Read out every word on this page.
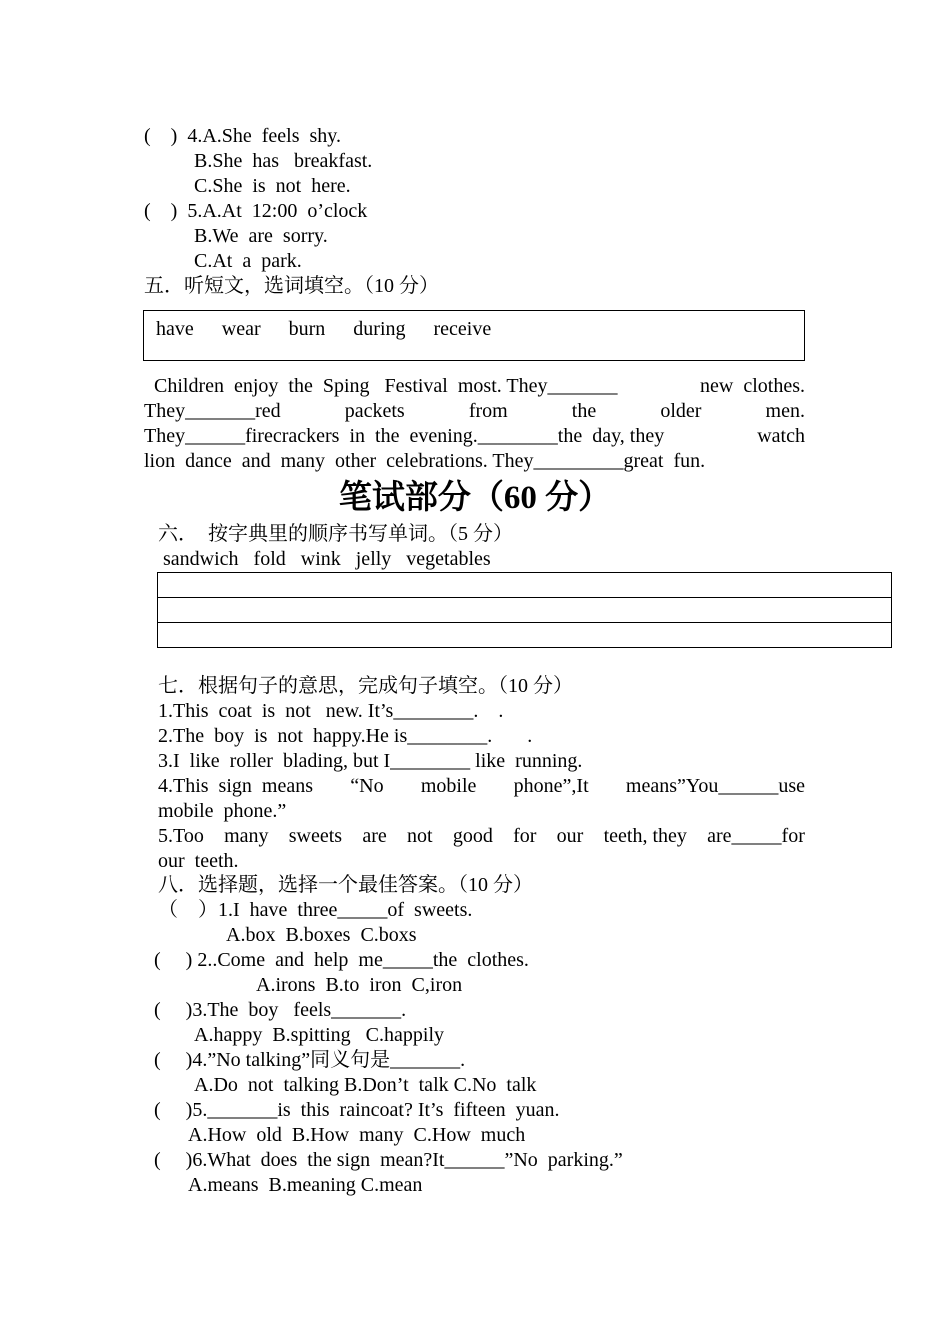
(    )  4.A.She  feels  shy.
B.She  has   breakfast.
C.She  is  not  here.
(    )  5.A.At  12:00  o’clock
B.We  are  sorry.
C.At  a  park.
五．听短文，选词填空。（10 分）
have wear burn during receive
Children  enjoy  the  Sping   Festival  most. They_______	new  clothes.
They_______red	packets	from	the	older	men.
They______firecrackers  in  the  evening.________the  day, they	watch
lion  dance  and  many  other  celebrations. They_________great  fun.
笔试部分（60 分）
六．  按字典里的顺序书写单词。（5 分）
sandwich   fold   wink   jelly   vegetables

七．根据句子的意思，完成句子填空。（10 分）
1.This  coat  is  not   new. It’s________.    .
2.The  boy  is  not  happy.He is________.       .
3.I  like  roller  blading, but I________ like  running.
4.This  sign  means “No mobile phone”,It means”You______use
mobile  phone.”
5.Too many sweets are not good for our teeth, they are_____for
our  teeth.
八．选择题，选择一个最佳答案。（10 分）
（    ）1.I  have  three_____of  sweets.
A.box  B.boxes  C.boxs
(     ) 2..Come  and  help  me_____the  clothes.
A.irons  B.to  iron  C,iron
(     )3.The  boy   feels_______.
A.happy  B.spitting   C.happily
(     )4.”No talking”同义句是_______.
A.Do  not  talking B.Don’t  talk C.No  talk
(     )5._______is  this  raincoat? It’s  fifteen  yuan.
A.How  old  B.How  many  C.How  much
(     )6.What  does  the sign  mean?It______”No  parking.”
A.means  B.meaning C.mean
